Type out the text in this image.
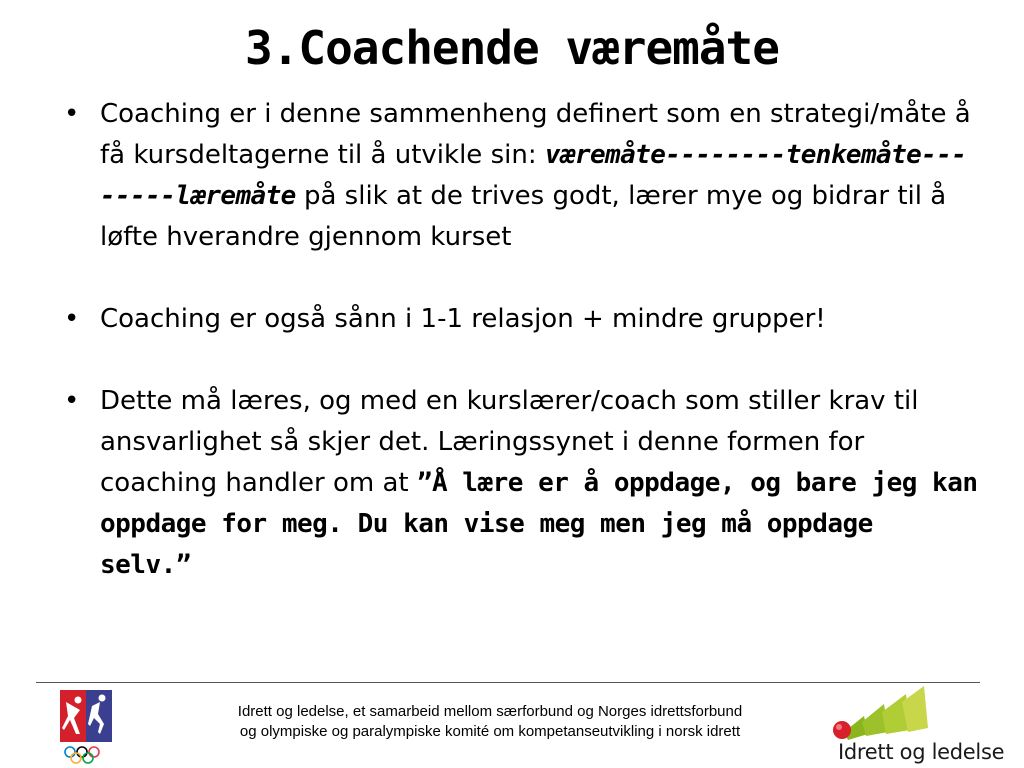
3.Coachende væremåte
• Coaching er i denne sammenheng definert som en strategi/måte å få kursdeltagerne til å utvikle sin: væremåte--------tenkemåte--------læremåte på slik at de trives godt, lærer mye og bidrar til å løfte hverandre gjennom kurset
• Coaching er også sånn i 1-1 relasjon + mindre grupper!
• Dette må læres, og med en kurslærer/coach som stiller krav til ansvarlighet så skjer det. Læringssynet i denne formen for coaching handler om at ”Å lære er å oppdage, og bare jeg kan oppdage for meg. Du kan vise meg men jeg må oppdage selv.”
Idrett og ledelse, et samarbeid mellom særforbund og Norges idrettsforbund
og olympiske og paralympiske komité om kompetanseutvikling i norsk idrett
Idrett og ledelse
